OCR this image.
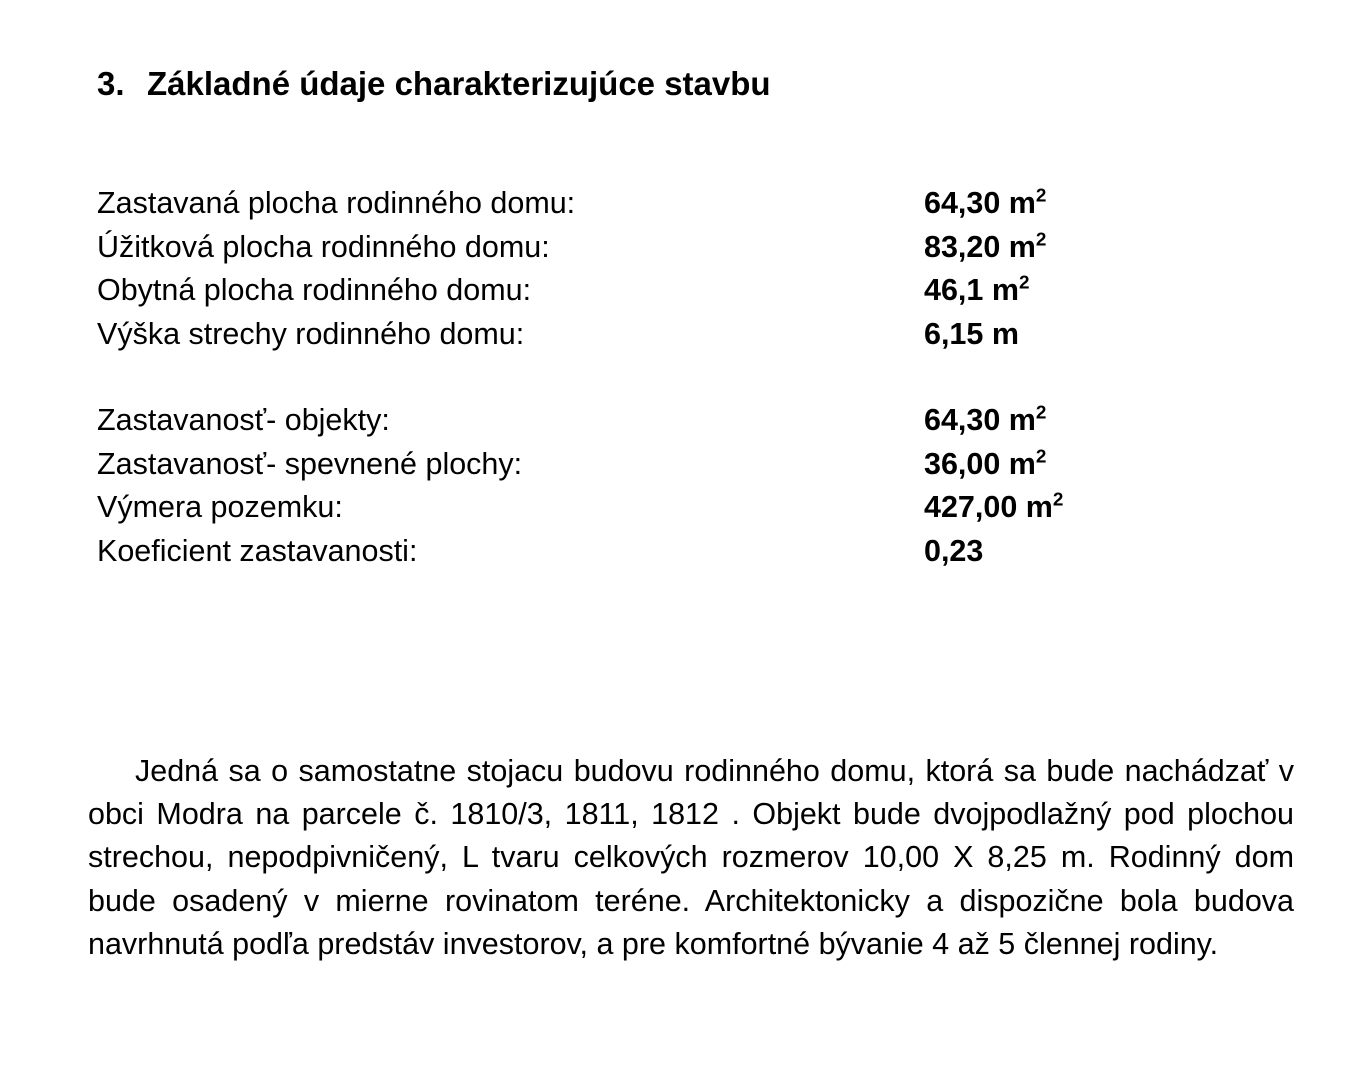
3. Základné údaje charakterizujúce stavbu
Zastavaná plocha rodinného domu:	64,30 $m^2$
Úžitková plocha rodinného domu:	83,20 $m^2$
Obytná plocha rodinného domu:	46,1 $m^2$
Výška strechy rodinného domu:	6,15 m
Zastavanosť- objekty:	64,30 $m^2$
Zastavanosť- spevnené plochy:	36,00 $m^2$
Výmera pozemku:	427,00 $m^2$
Koeficient zastavanosti:	0,23

Jedná sa o samostatne stojacu budovu rodinného domu, ktorá sa bude nachádzať v obci Modra na parcele č. 1810/3, 1811, 1812 . Objekt bude dvojpodlažný pod plochou strechou, nepodpivničený, L tvaru celkových rozmerov 10,00 X 8,25 m. Rodinný dom bude osadený v mierne rovinatom teréne. Architektonicky a dispozične bola budova navrhnutá podľa predstáv investorov, a pre komfortné bývanie 4 až 5 člennej rodiny.
